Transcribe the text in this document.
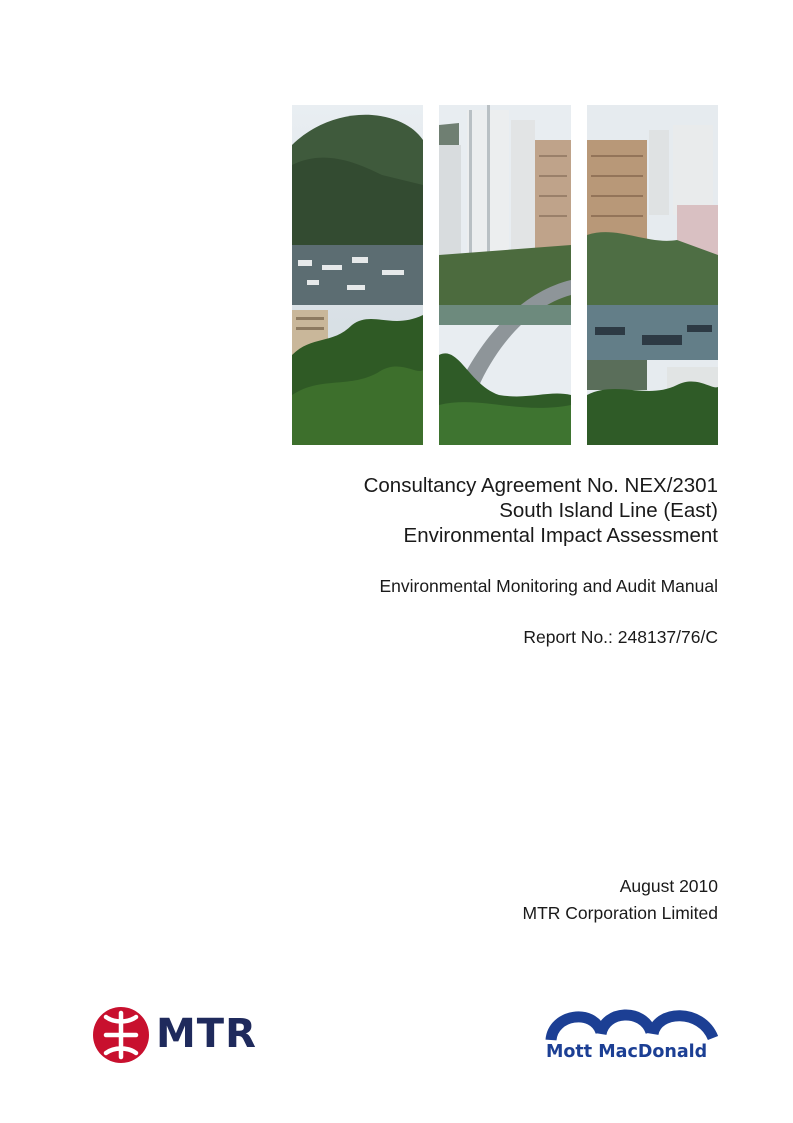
Consultancy Agreement No. NEX/2301

South Island Line (East)

Environmental Impact Assessment

Environmental Monitoring and Audit Manual
Report No.: 248137/76/C
August 2010
MTR Corporation Limited
MTR	Mott MacDonald
